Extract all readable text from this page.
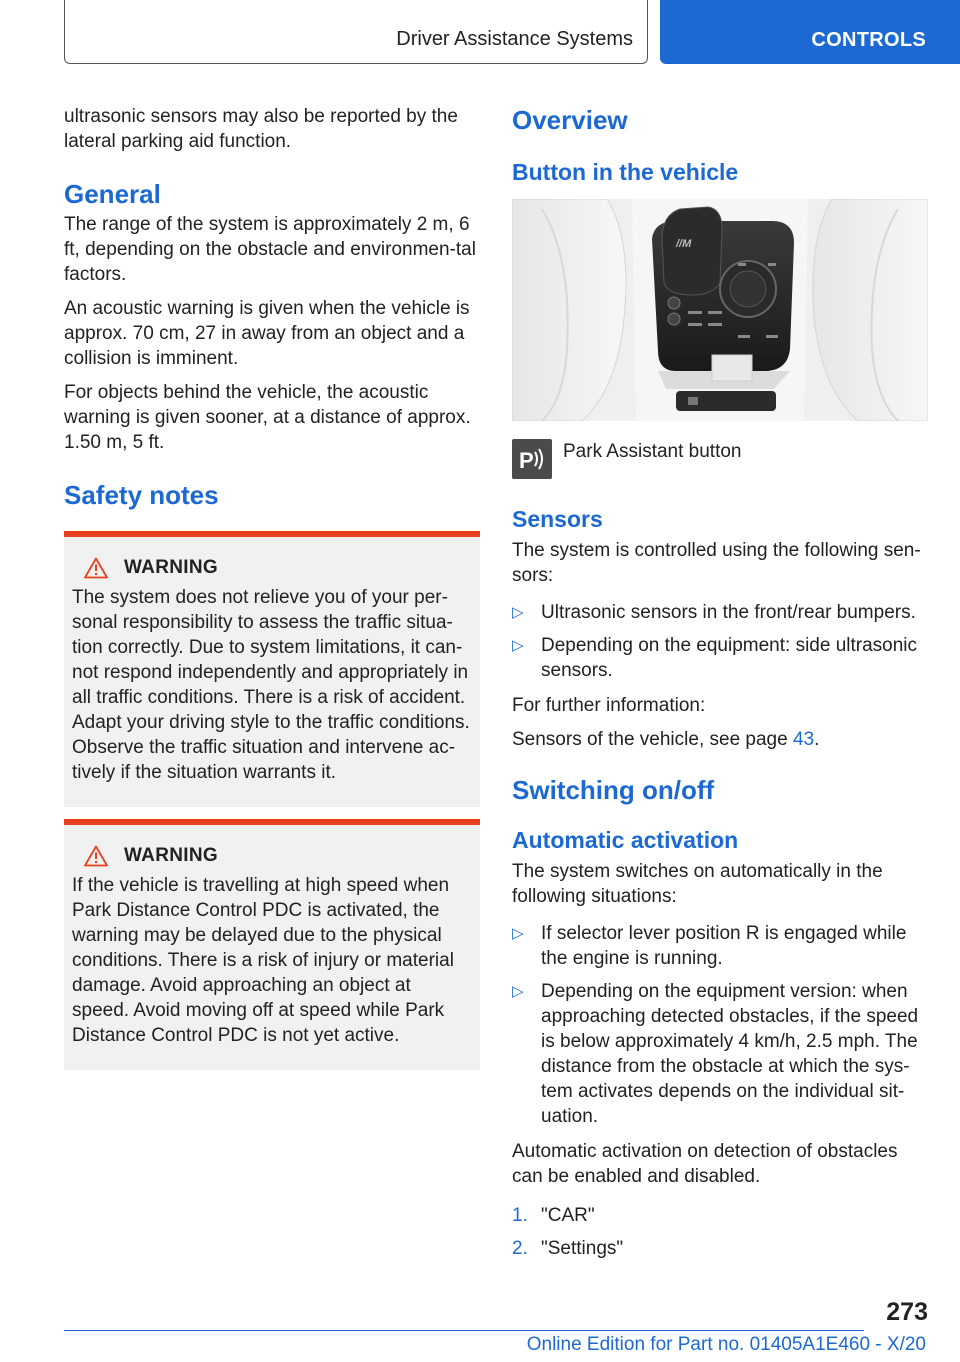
Driver Assistance Systems	CONTROLS

ultrasonic sensors may also be reported by the lateral parking aid function.

General

The range of the system is approximately 2 m, 6 ft, depending on the obstacle and environmen-tal factors.

An acoustic warning is given when the vehicle is approx. 70 cm, 27 in away from an object and a collision is imminent.

For objects behind the vehicle, the acoustic warning is given sooner, at a distance of approx. 1.50 m, 5 ft.

Safety notes
WARNING

The system does not relieve you of your per-sonal responsibility to assess the traffic situa-tion correctly. Due to system limitations, it can-not respond independently and appropriately in all traffic conditions. There is a risk of accident. Adapt your driving style to the traffic conditions. Observe the traffic situation and intervene ac-tively if the situation warrants it.

WARNING

If the vehicle is travelling at high speed when Park Distance Control PDC is activated, the warning may be delayed due to the physical conditions. There is a risk of injury or material damage. Avoid approaching an object at speed. Avoid moving off at speed while Park Distance Control PDC is not yet active.

Overview
Button in the vehicle
//M
P Park Assistant button
Sensors

The system is controlled using the following sen-sors:

▷ Ultrasonic sensors in the front/rear bumpers.
▷ Depending on the equipment: side ultrasonic sensors.

For further information:

Sensors of the vehicle, see page 43.

Switching on/off
Automatic activation

The system switches on automatically in the following situations:

▷ If selector lever position R is engaged while the engine is running.
▷ Depending on the equipment version: when approaching detected obstacles, if the speed is below approximately 4 km/h, 2.5 mph. The distance from the obstacle at which the sys-tem activates depends on the individual sit-uation.

Automatic activation on detection of obstacles can be enabled and disabled.

1. "CAR"
2. "Settings"
273
Online Edition for Part no. 01405A1E460 - X/20
